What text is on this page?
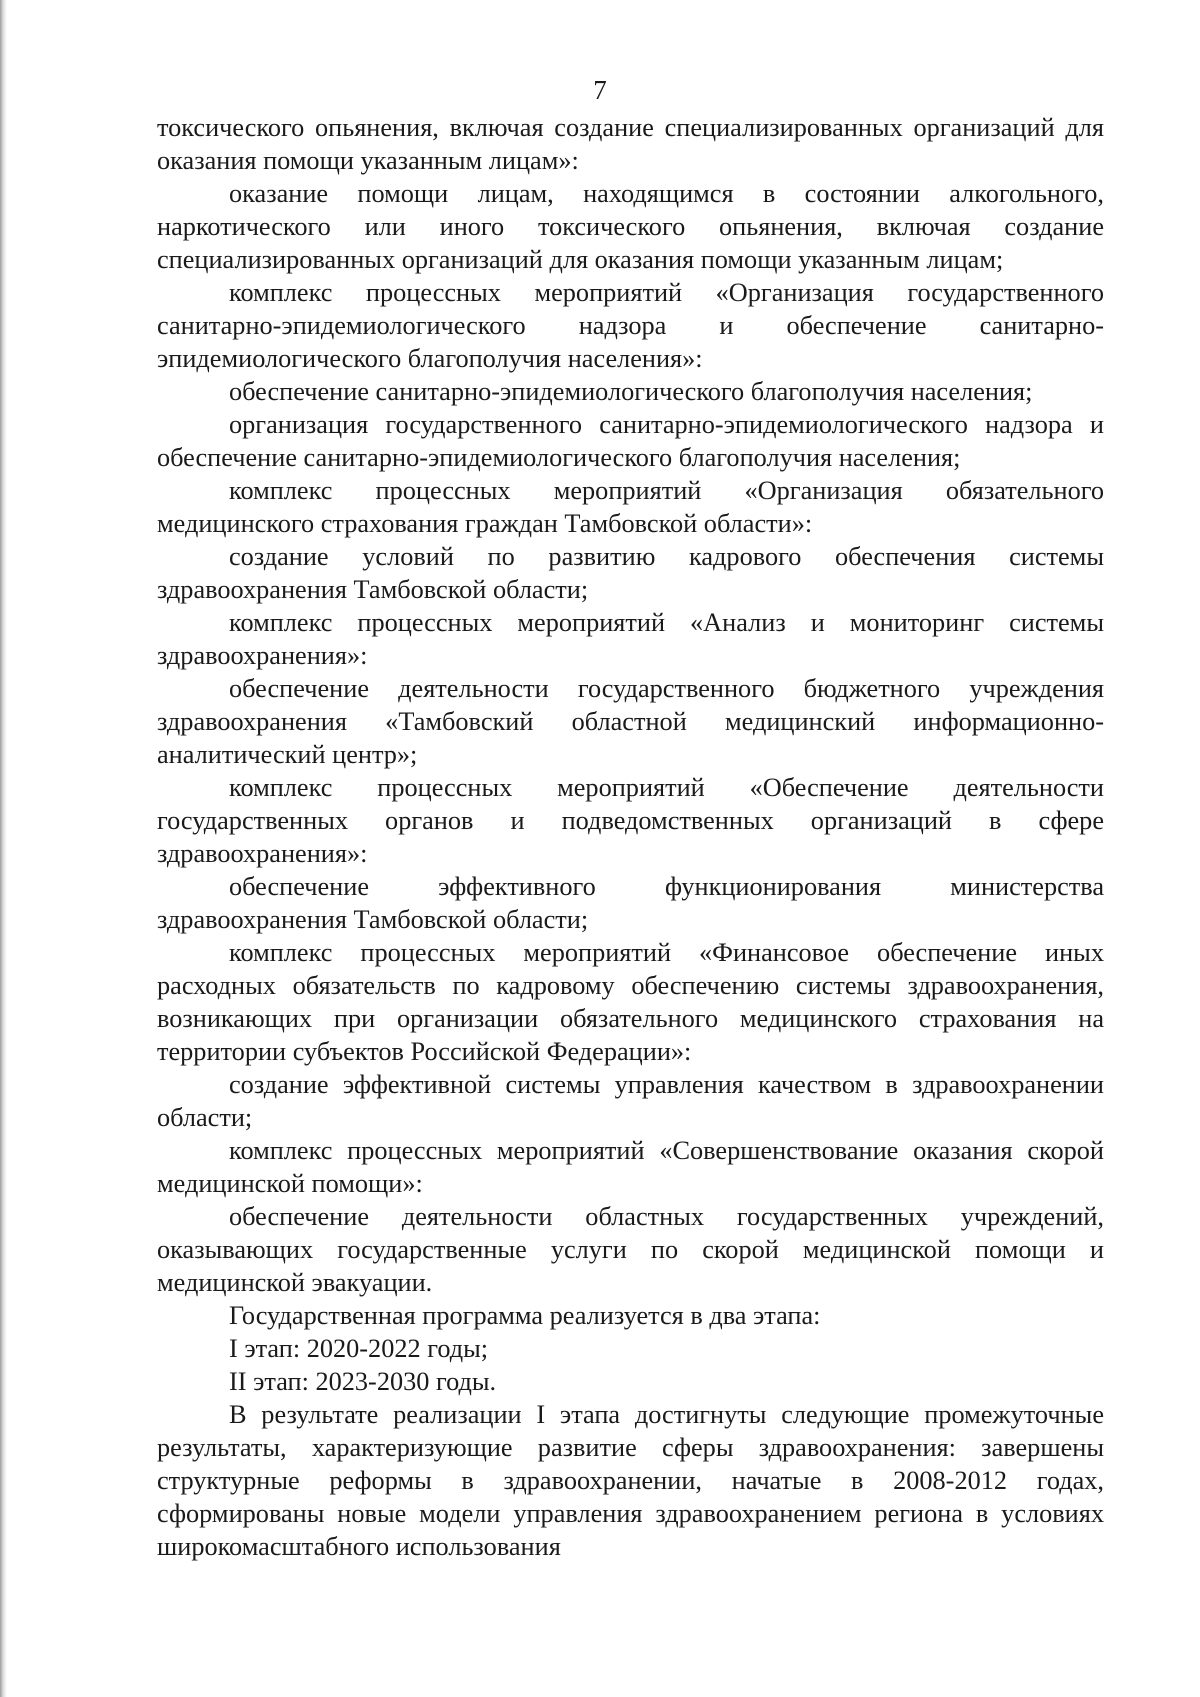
7

токсического опьянения, включая создание специализированных организаций для оказания помощи указанным лицам»:

оказание помощи лицам, находящимся в состоянии алкогольного, наркотического или иного токсического опьянения, включая создание специализированных организаций для оказания помощи указанным лицам;

комплекс процессных мероприятий «Организация государственного санитарно-эпидемиологического надзора и обеспечение санитарно-эпидемиологического благополучия населения»:

обеспечение санитарно-эпидемиологического благополучия населения;

организация государственного санитарно-эпидемиологического надзора и обеспечение санитарно-эпидемиологического благополучия населения;

комплекс процессных мероприятий «Организация обязательного медицинского страхования граждан Тамбовской области»:

создание условий по развитию кадрового обеспечения системы здравоохранения Тамбовской области;

комплекс процессных мероприятий «Анализ и мониторинг системы здравоохранения»:

обеспечение деятельности государственного бюджетного учреждения здравоохранения «Тамбовский областной медицинский информационно-аналитический центр»;

комплекс процессных мероприятий «Обеспечение деятельности государственных органов и подведомственных организаций в сфере здравоохранения»:

обеспечение эффективного функционирования министерства здравоохранения Тамбовской области;

комплекс процессных мероприятий «Финансовое обеспечение иных расходных обязательств по кадровому обеспечению системы здравоохранения, возникающих при организации обязательного медицинского страхования на территории субъектов Российской Федерации»:

создание эффективной системы управления качеством в здравоохранении области;

комплекс процессных мероприятий «Совершенствование оказания скорой медицинской помощи»:

обеспечение деятельности областных государственных учреждений, оказывающих государственные услуги по скорой медицинской помощи и медицинской эвакуации.

Государственная программа реализуется в два этапа:

I этап: 2020-2022 годы;

II этап: 2023-2030 годы.

В результате реализации I этапа достигнуты следующие промежуточные результаты, характеризующие развитие сферы здравоохранения: завершены структурные реформы в здравоохранении, начатые в 2008-2012 годах, сформированы новые модели управления здравоохранением региона в условиях широкомасштабного использования
